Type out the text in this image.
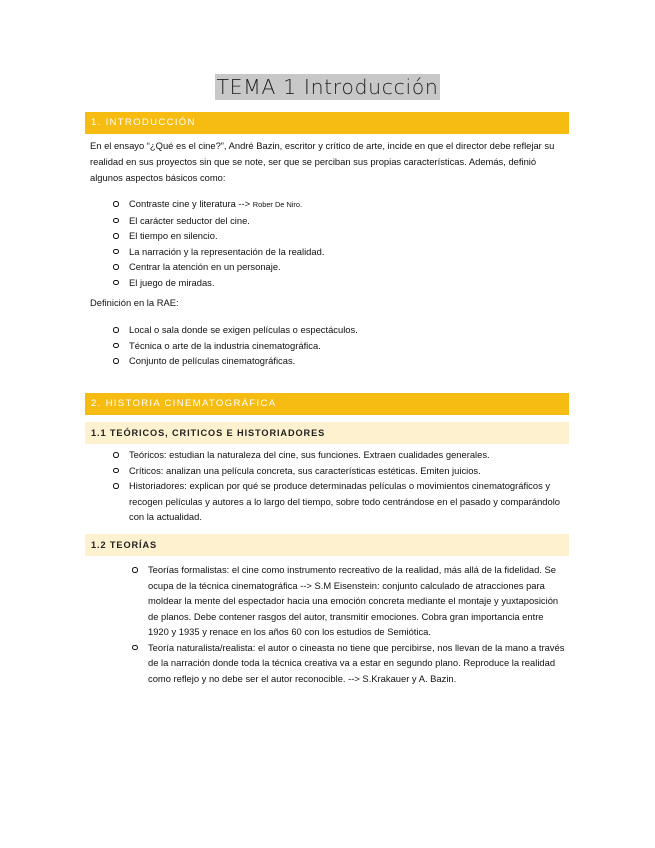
TEMA 1 Introducción
1. INTRODUCCIÓN
En el ensayo “¿Qué es el cine?”, André Bazin, escritor y crítico de arte, incide en que el director debe reflejar su realidad en sus proyectos sin que se note, ser que se perciban sus propias características. Además, definió algunos aspectos básicos como:
Contraste cine y literatura --> Rober De Niro.
El carácter seductor del cine.
El tiempo en silencio.
La narración y la representación de la realidad.
Centrar la atención en un personaje.
El juego de miradas.
Definición en la RAE:
Local o sala donde se exigen películas o espectáculos.
Técnica o arte de la industria cinematográfica.
Conjunto de películas cinematográficas.
2. HISTORIA CINEMATOGRÁFICA
1.1 TEÓRICOS, CRITICOS E HISTORIADORES
Teóricos: estudian la naturaleza del cine, sus funciones. Extraen cualidades generales.
Críticos: analizan una película concreta, sus características estéticas. Emiten juicios.
Historiadores: explican por qué se produce determinadas películas o movimientos cinematográficos y recogen películas y autores a lo largo del tiempo, sobre todo centrándose en el pasado y comparándolo con la actualidad.
1.2 TEORÍAS
Teorías formalistas: el cine como instrumento recreativo de la realidad, más allá de la fidelidad. Se ocupa de la técnica cinematográfica --> S.M Eisenstein: conjunto calculado de atracciones para moldear la mente del espectador hacia una emoción concreta mediante el montaje y yuxtaposición de planos. Debe contener rasgos del autor, transmitir emociones. Cobra gran importancia entre 1920 y 1935 y renace en los años 60 con los estudios de Semiótica.
Teoría naturalista/realista: el autor o cineasta no tiene que percibirse, nos llevan de la mano a través de la narración donde toda la técnica creativa va a estar en segundo plano. Reproduce la realidad como reflejo y no debe ser el autor reconocible. --> S.Krakauer y A. Bazin.
